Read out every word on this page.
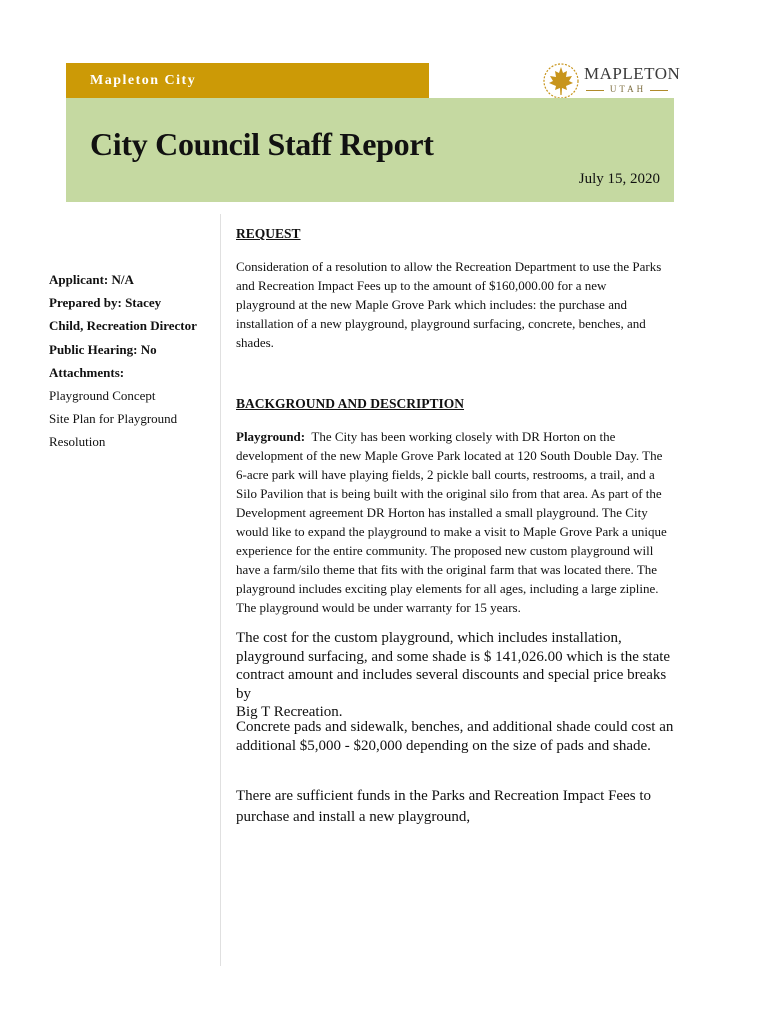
Mapleton City	MAPLETON
UTAH
City Council Staff Report
July 15, 2020
Applicant: N/A
Prepared by: Stacey
Child, Recreation Director
Public Hearing: No
Attachments:
Playground Concept
Site Plan for Playground
Resolution
REQUEST

Consideration of a resolution to allow the Recreation Department to use the Parks

and Recreation Impact Fees up to the amount of $160,000.00 for a new

playground at the new Maple Grove Park which includes: the purchase and

installation of a new playground, playground surfacing, concrete, benches, and

shades.

BACKGROUND AND DESCRIPTION

Playground: The City has been working closely with DR Horton on the

development of the new Maple Grove Park located at 120 South Double Day. The

6-acre park will have playing fields, 2 pickle ball courts, restrooms, a trail, and a

Silo Pavilion that is being built with the original silo from that area. As part of the

Development agreement DR Horton has installed a small playground. The City

would like to expand the playground to make a visit to Maple Grove Park a unique

experience for the entire community. The proposed new custom playground will

have a farm/silo theme that fits with the original farm that was located there. The

playground includes exciting play elements for all ages, including a large zipline.

The playground would be under warranty for 15 years.

The cost for the custom playground, which includes installation,

playground surfacing, and some shade is $ 141,026.00 which is the state

contract amount and includes several discounts and special price breaks by

Big T Recreation.

Concrete pads and sidewalk, benches, and additional shade could cost an

additional $5,000 - $20,000 depending on the size of pads and shade.

There are sufficient funds in the Parks and Recreation Impact Fees to

purchase and install a new playground,
